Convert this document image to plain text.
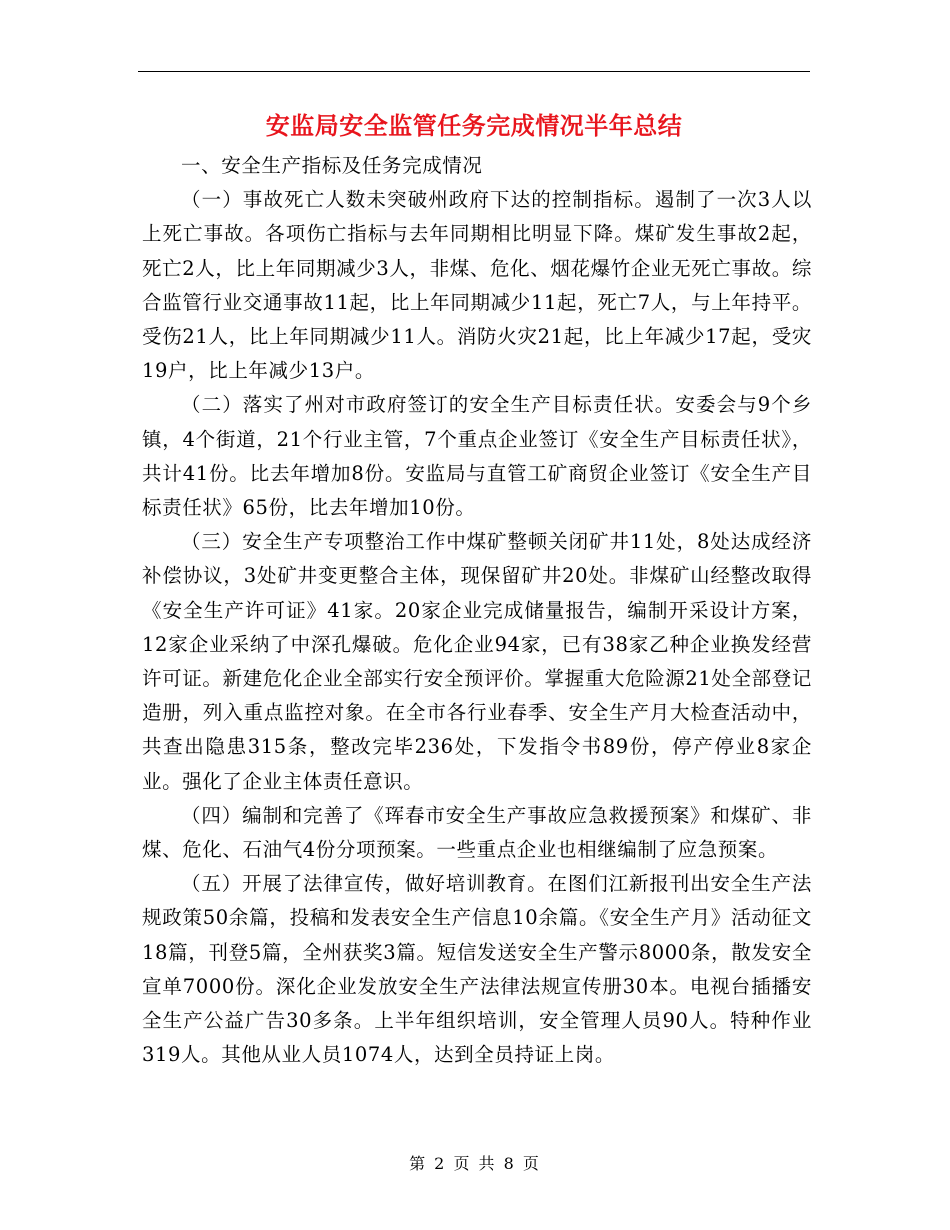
安监局安全监管任务完成情况半年总结

一、安全生产指标及任务完成情况

（一）事故死亡人数未突破州政府下达的控制指标。遏制了一次3人以上死亡事故。各项伤亡指标与去年同期相比明显下降。煤矿发生事故2起，死亡2人，比上年同期减少3人，非煤、危化、烟花爆竹企业无死亡事故。综合监管行业交通事故11起，比上年同期减少11起，死亡7人，与上年持平。受伤21人，比上年同期减少11人。消防火灾21起，比上年减少17起，受灾19户，比上年减少13户。

（二）落实了州对市政府签订的安全生产目标责任状。安委会与9个乡镇，4个街道，21个行业主管，7个重点企业签订《安全生产目标责任状》，共计41份。比去年增加8份。安监局与直管工矿商贸企业签订《安全生产目标责任状》65份，比去年增加10份。

（三）安全生产专项整治工作中煤矿整顿关闭矿井11处，8处达成经济补偿协议，3处矿井变更整合主体，现保留矿井20处。非煤矿山经整改取得《安全生产许可证》41家。20家企业完成储量报告，编制开采设计方案，12家企业采纳了中深孔爆破。危化企业94家，已有38家乙种企业换发经营许可证。新建危化企业全部实行安全预评价。掌握重大危险源21处全部登记造册，列入重点监控对象。在全市各行业春季、安全生产月大检查活动中，共查出隐患315条，整改完毕236处，下发指令书89份，停产停业8家企业。强化了企业主体责任意识。

（四）编制和完善了《珲春市安全生产事故应急救援预案》和煤矿、非煤、危化、石油气4份分项预案。一些重点企业也相继编制了应急预案。

（五）开展了法律宣传，做好培训教育。在图们江新报刊出安全生产法规政策50余篇，投稿和发表安全生产信息10余篇。《安全生产月》活动征文18篇，刊登5篇，全州获奖3篇。短信发送安全生产警示8000条，散发安全宣单7000份。深化企业发放安全生产法律法规宣传册30本。电视台插播安全生产公益广告30多条。上半年组织培训，安全管理人员90人。特种作业319人。其他从业人员1074人，达到全员持证上岗。

第 2 页 共 8 页
